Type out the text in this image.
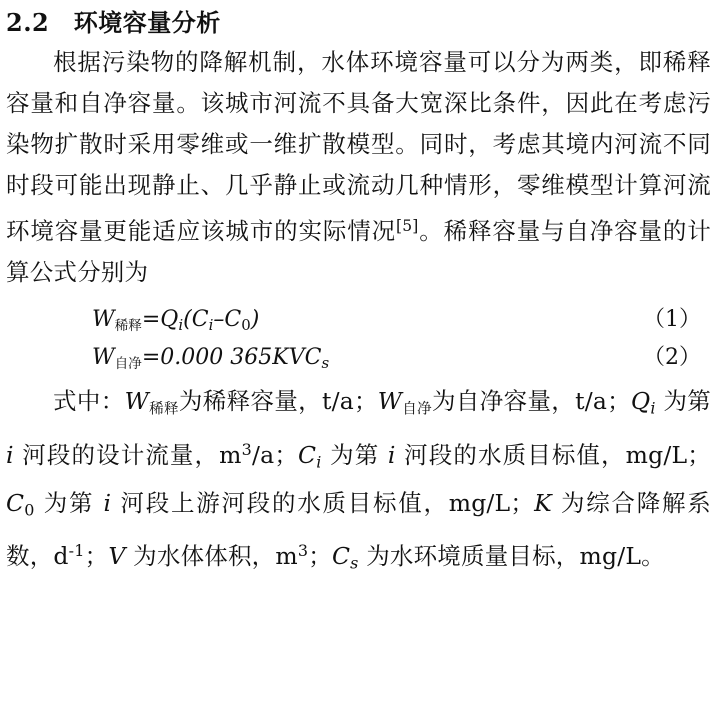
2.2　 环境容量分析

根据污染物的降解机制，水体环境容量可以分为两类，即稀释容量和自净容量。该城市河流不具备大宽深比条件，因此在考虑污染物扩散时采用零维或一维扩散模型。同时，考虑其境内河流不同时段可能出现静止、几乎静止或流动几种情形，零维模型计算河流环境容量更能适应该城市的实际情况[5]。稀释容量与自净容量的计算公式分别为

W稀释$=Q_i(C_i-C_0)$	（1）
W自净=0.000 $365KVC_s$	（2）

式中：W稀释为稀释容量，t/a；W自净为自净容量，t/a；$Q_i$ 为第 i 河段的设计流量，$m^3/a$；$C_i$ 为第 i 河段的水质目标值，mg/L；$C_0$ 为第 i 河段上游河段的水质目标值，mg/L；K 为综合降解系数，$d^{-1}$；V 为水体体积，$m^3$；$C_s$ 为水环境质量目标，mg/L。
